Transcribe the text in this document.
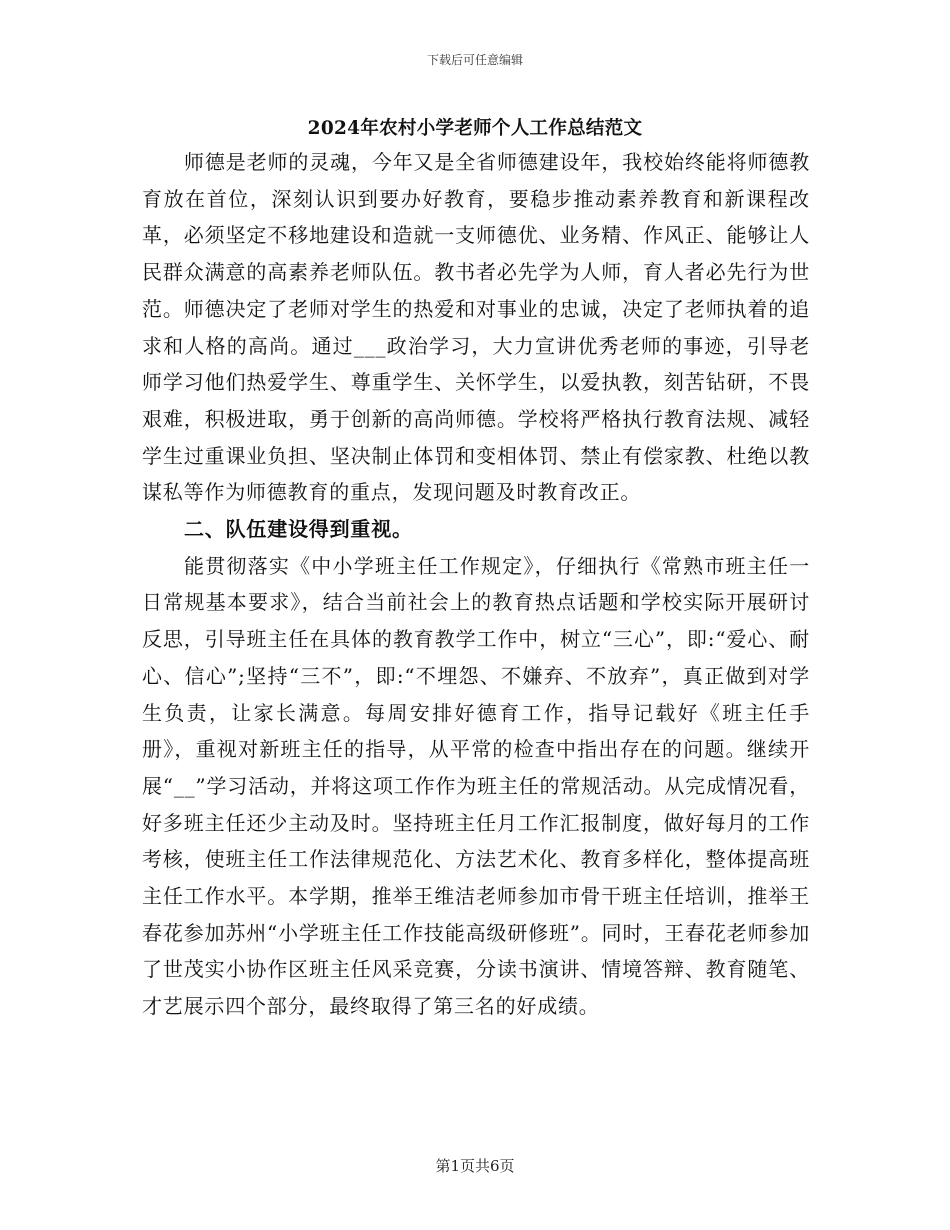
下载后可任意编辑
2024年农村小学老师个人工作总结范文

师德是老师的灵魂，今年又是全省师德建设年，我校始终能将师德教育放在首位，深刻认识到要办好教育，要稳步推动素养教育和新课程改革，必须坚定不移地建设和造就一支师德优、业务精、作风正、能够让人民群众满意的高素养老师队伍。教书者必先学为人师，育人者必先行为世范。师德决定了老师对学生的热爱和对事业的忠诚，决定了老师执着的追求和人格的高尚。通过___政治学习，大力宣讲优秀老师的事迹，引导老师学习他们热爱学生、尊重学生、关怀学生，以爱执教，刻苦钻研，不畏艰难，积极进取，勇于创新的高尚师德。学校将严格执行教育法规、减轻学生过重课业负担、坚决制止体罚和变相体罚、禁止有偿家教、杜绝以教谋私等作为师德教育的重点，发现问题及时教育改正。

二、队伍建设得到重视。

能贯彻落实《中小学班主任工作规定》，仔细执行《常熟市班主任一日常规基本要求》，结合当前社会上的教育热点话题和学校实际开展研讨反思，引导班主任在具体的教育教学工作中，树立“三心”，即:“爱心、耐心、信心”;坚持“三不”，即:“不埋怨、不嫌弃、不放弃”，真正做到对学生负责，让家长满意。每周安排好德育工作，指导记载好《班主任手册》，重视对新班主任的指导，从平常的检查中指出存在的问题。继续开展“__”学习活动，并将这项工作作为班主任的常规活动。从完成情况看，好多班主任还少主动及时。坚持班主任月工作汇报制度，做好每月的工作考核，使班主任工作法律规范化、方法艺术化、教育多样化，整体提高班主任工作水平。本学期，推举王维洁老师参加市骨干班主任培训，推举王春花参加苏州“小学班主任工作技能高级研修班”。同时，王春花老师参加了世茂实小协作区班主任风采竞赛，分读书演讲、情境答辩、教育随笔、才艺展示四个部分，最终取得了第三名的好成绩。

第1页共6页
